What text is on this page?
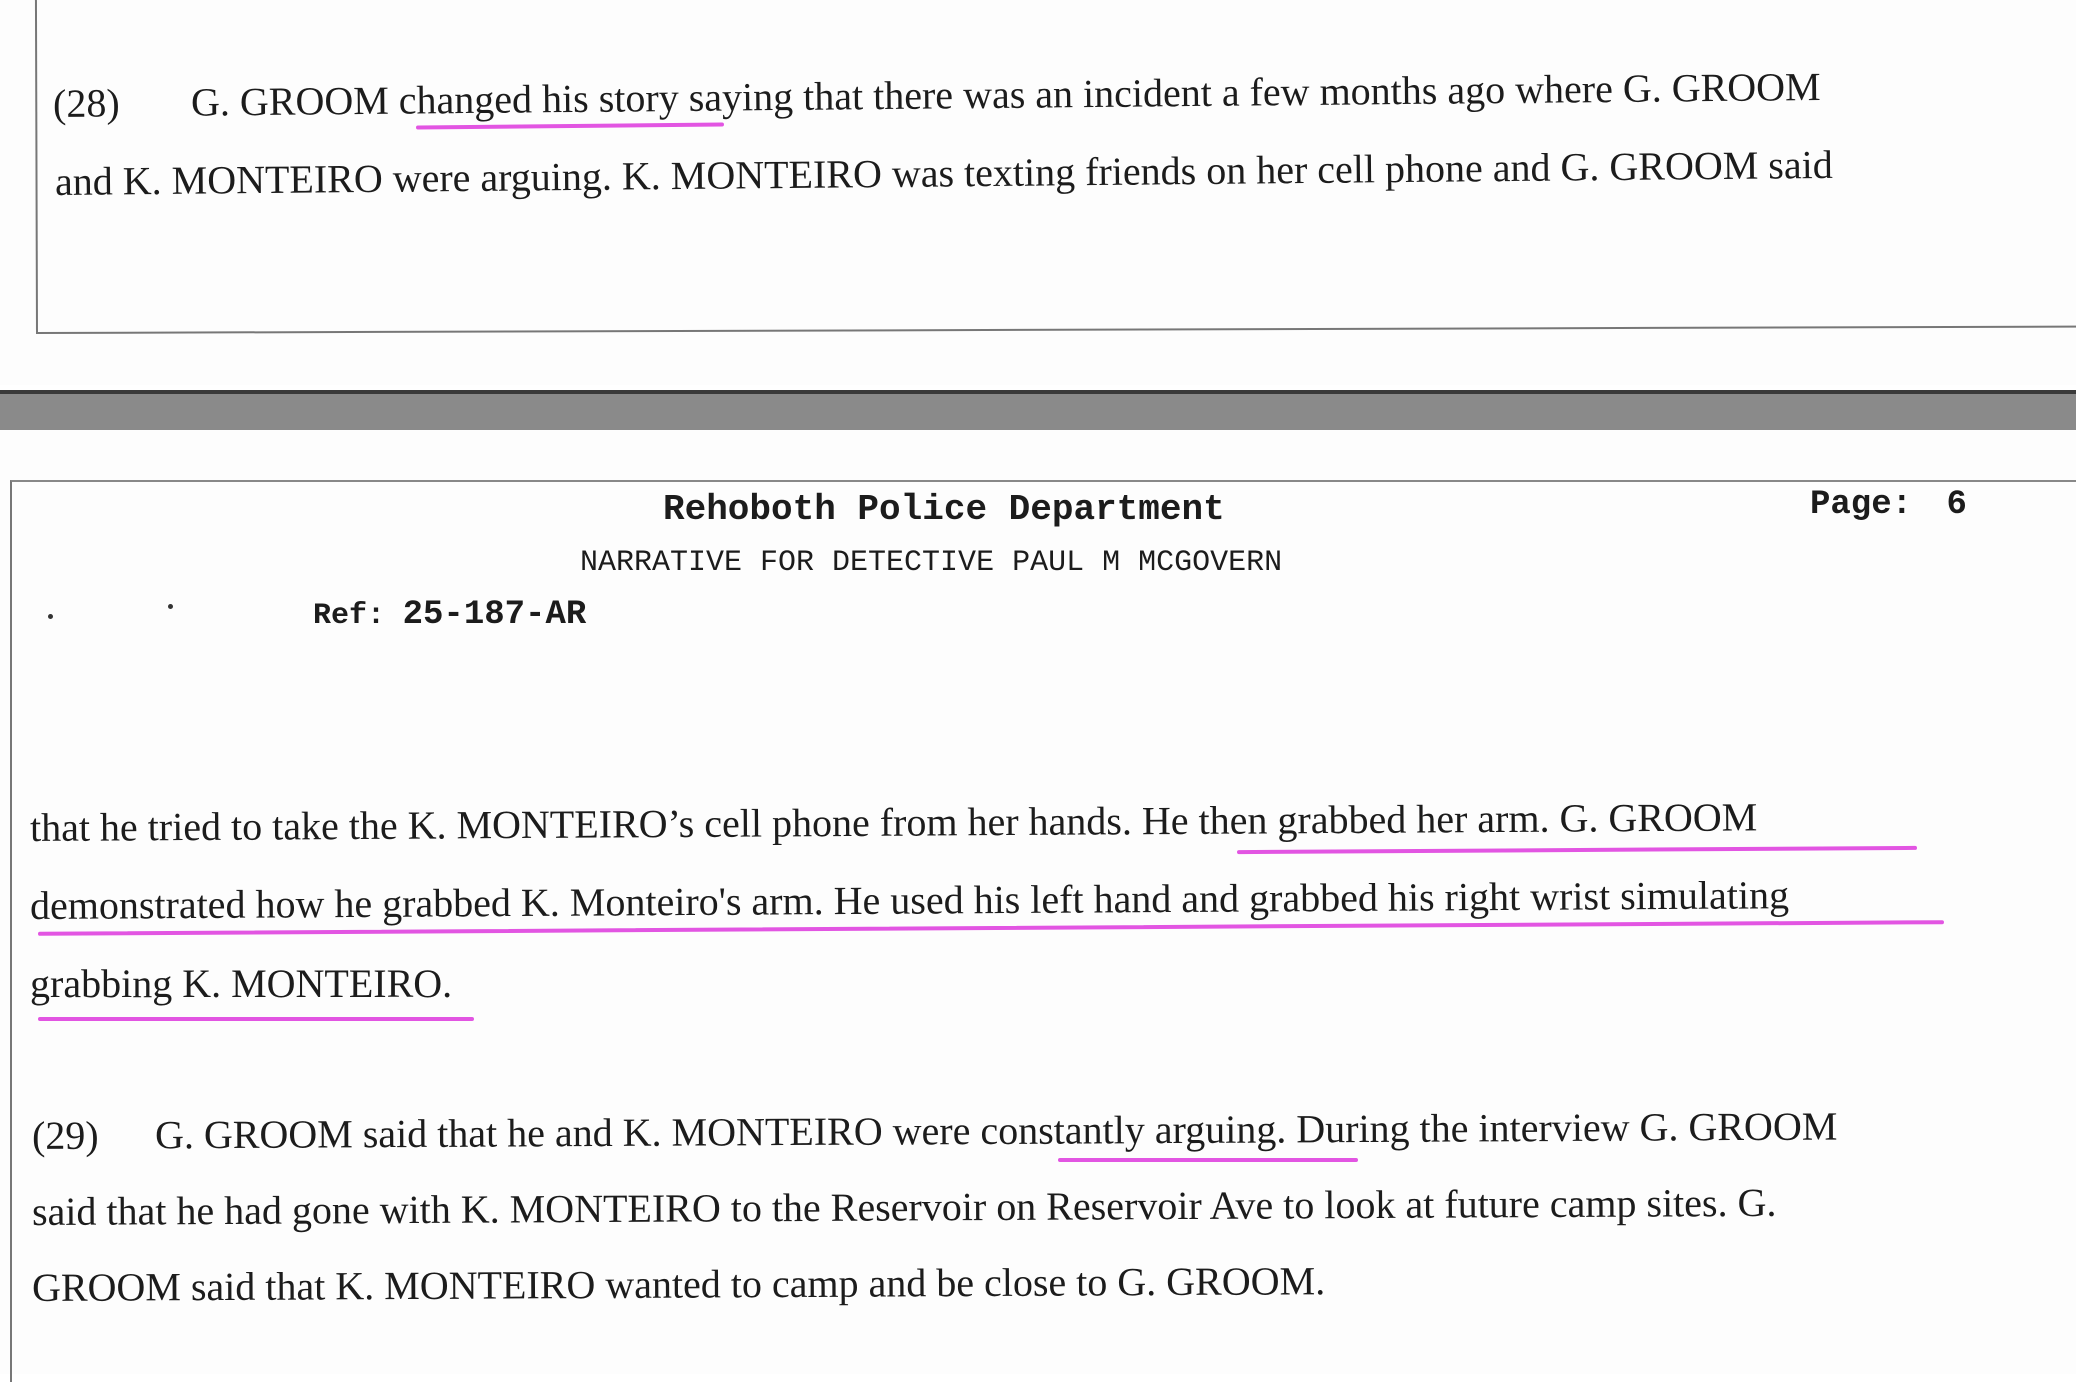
(28) G. GROOM changed his story saying that there was an incident a few months ago where G. GROOM
and K. MONTEIRO were arguing. K. MONTEIRO was texting friends on her cell phone and G. GROOM said
Rehoboth Police Department	Page: 6
NARRATIVE FOR DETECTIVE PAUL M MCGOVERN
Ref: 25-187-AR
that he tried to take the K. MONTEIRO’s cell phone from her hands. He then grabbed her arm. G. GROOM
demonstrated how he grabbed K. Monteiro's arm. He used his left hand and grabbed his right wrist simulating
grabbing K. MONTEIRO.
(29) G. GROOM said that he and K. MONTEIRO were constantly arguing. During the interview G. GROOM
said that he had gone with K. MONTEIRO to the Reservoir on Reservoir Ave to look at future camp sites. G.
GROOM said that K. MONTEIRO wanted to camp and be close to G. GROOM.
